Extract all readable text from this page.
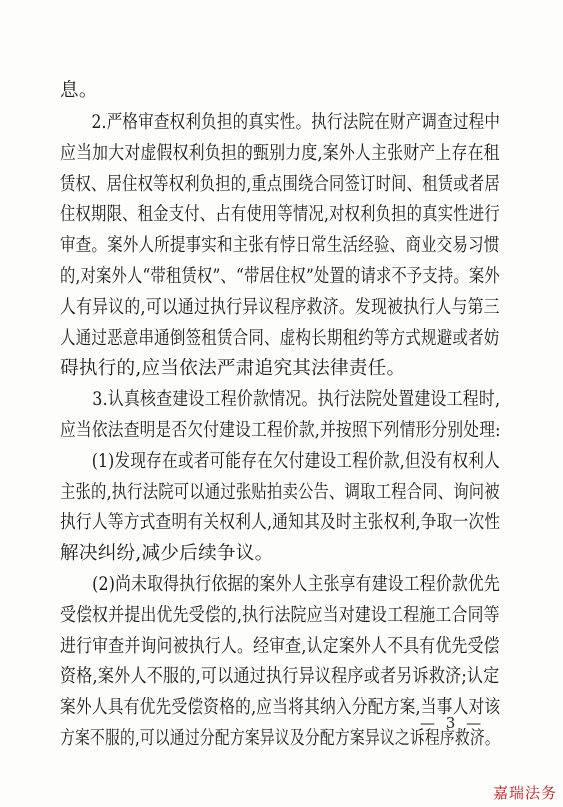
息。
　　2.严格审查权利负担的真实性。执行法院在财产调查过程中
应当加大对虚假权利负担的甄别力度,案外人主张财产上存在租
赁权、居住权等权利负担的,重点围绕合同签订时间、租赁或者居
住权期限、租金支付、占有使用等情况,对权利负担的真实性进行
审查。案外人所提事实和主张有悖日常生活经验、商业交易习惯
的,对案外人“带租赁权”、“带居住权”处置的请求不予支持。案外
人有异议的,可以通过执行异议程序救济。发现被执行人与第三
人通过恶意串通倒签租赁合同、虚构长期租约等方式规避或者妨
碍执行的,应当依法严肃追究其法律责任。
　　3.认真核查建设工程价款情况。执行法院处置建设工程时,
应当依法查明是否欠付建设工程价款,并按照下列情形分别处理:
　　(1)发现存在或者可能存在欠付建设工程价款,但没有权利人
主张的,执行法院可以通过张贴拍卖公告、调取工程合同、询问被
执行人等方式查明有关权利人,通知其及时主张权利,争取一次性
解决纠纷,减少后续争议。
　　(2)尚未取得执行依据的案外人主张享有建设工程价款优先
受偿权并提出优先受偿的,执行法院应当对建设工程施工合同等
进行审查并询问被执行人。经审查,认定案外人不具有优先受偿
资格,案外人不服的,可以通过执行异议程序或者另诉救济;认定
案外人具有优先受偿资格的,应当将其纳入分配方案,当事人对该
方案不服的,可以通过分配方案异议及分配方案异议之诉程序救济。
— 3 —
嘉瑞法务
